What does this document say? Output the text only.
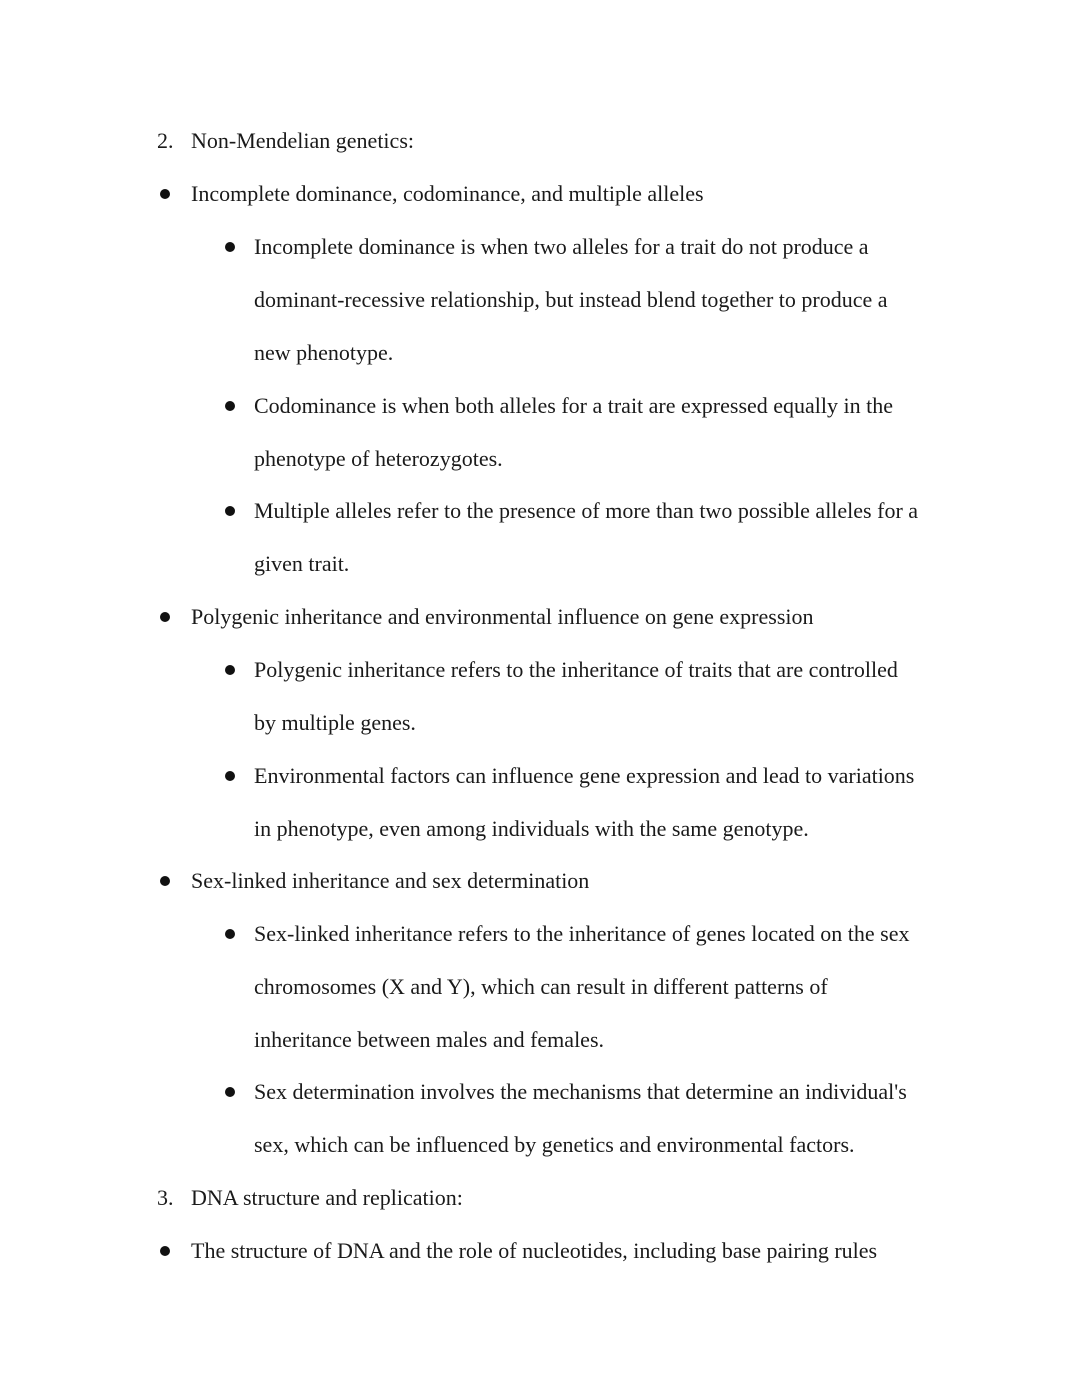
2. Non-Mendelian genetics:
Incomplete dominance, codominance, and multiple alleles
Incomplete dominance is when two alleles for a trait do not produce a
dominant-recessive relationship, but instead blend together to produce a
new phenotype.
Codominance is when both alleles for a trait are expressed equally in the
phenotype of heterozygotes.
Multiple alleles refer to the presence of more than two possible alleles for a
given trait.
Polygenic inheritance and environmental influence on gene expression
Polygenic inheritance refers to the inheritance of traits that are controlled
by multiple genes.
Environmental factors can influence gene expression and lead to variations
in phenotype, even among individuals with the same genotype.
Sex-linked inheritance and sex determination
Sex-linked inheritance refers to the inheritance of genes located on the sex
chromosomes (X and Y), which can result in different patterns of
inheritance between males and females.
Sex determination involves the mechanisms that determine an individual's
sex, which can be influenced by genetics and environmental factors.
3. DNA structure and replication:
The structure of DNA and the role of nucleotides, including base pairing rules
